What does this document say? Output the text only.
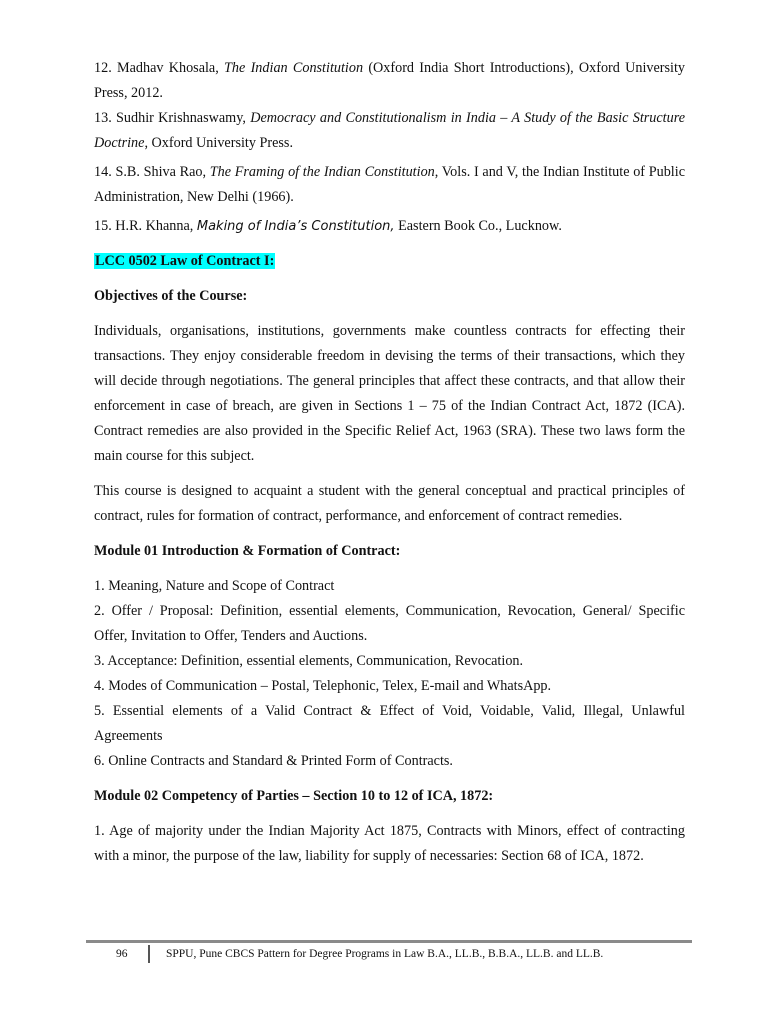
12. Madhav Khosala, The Indian Constitution (Oxford India Short Introductions), Oxford University Press, 2012.

13. Sudhir Krishnaswamy, Democracy and Constitutionalism in India – A Study of the Basic Structure Doctrine, Oxford University Press.

14. S.B. Shiva Rao, The Framing of the Indian Constitution, Vols. I and V, the Indian Institute of Public Administration, New Delhi (1966).

15. H.R. Khanna, Making of India’s Constitution, Eastern Book Co., Lucknow.

LCC 0502 Law of Contract I:

Objectives of the Course:

Individuals, organisations, institutions, governments make countless contracts for effecting their transactions. They enjoy considerable freedom in devising the terms of their transactions, which they will decide through negotiations. The general principles that affect these contracts, and that allow their enforcement in case of breach, are given in Sections 1 – 75 of the Indian Contract Act, 1872 (ICA). Contract remedies are also provided in the Specific Relief Act, 1963 (SRA). These two laws form the main course for this subject.

This course is designed to acquaint a student with the general conceptual and practical principles of contract, rules for formation of contract, performance, and enforcement of contract remedies.

Module 01 Introduction & Formation of Contract:

1. Meaning, Nature and Scope of Contract

2. Offer / Proposal: Definition, essential elements, Communication, Revocation, General/ Specific Offer, Invitation to Offer, Tenders and Auctions.

3. Acceptance: Definition, essential elements, Communication, Revocation.

4. Modes of Communication – Postal, Telephonic, Telex, E-mail and WhatsApp.

5. Essential elements of a Valid Contract & Effect of Void, Voidable, Valid, Illegal, Unlawful Agreements

6. Online Contracts and Standard & Printed Form of Contracts.

Module 02 Competency of Parties – Section 10 to 12 of ICA, 1872:

1. Age of majority under the Indian Majority Act 1875, Contracts with Minors, effect of contracting with a minor, the purpose of the law, liability for supply of necessaries: Section 68 of ICA, 1872.

96	SPPU, Pune CBCS Pattern for Degree Programs in Law B.A., LL.B., B.B.A., LL.B. and LL.B.
